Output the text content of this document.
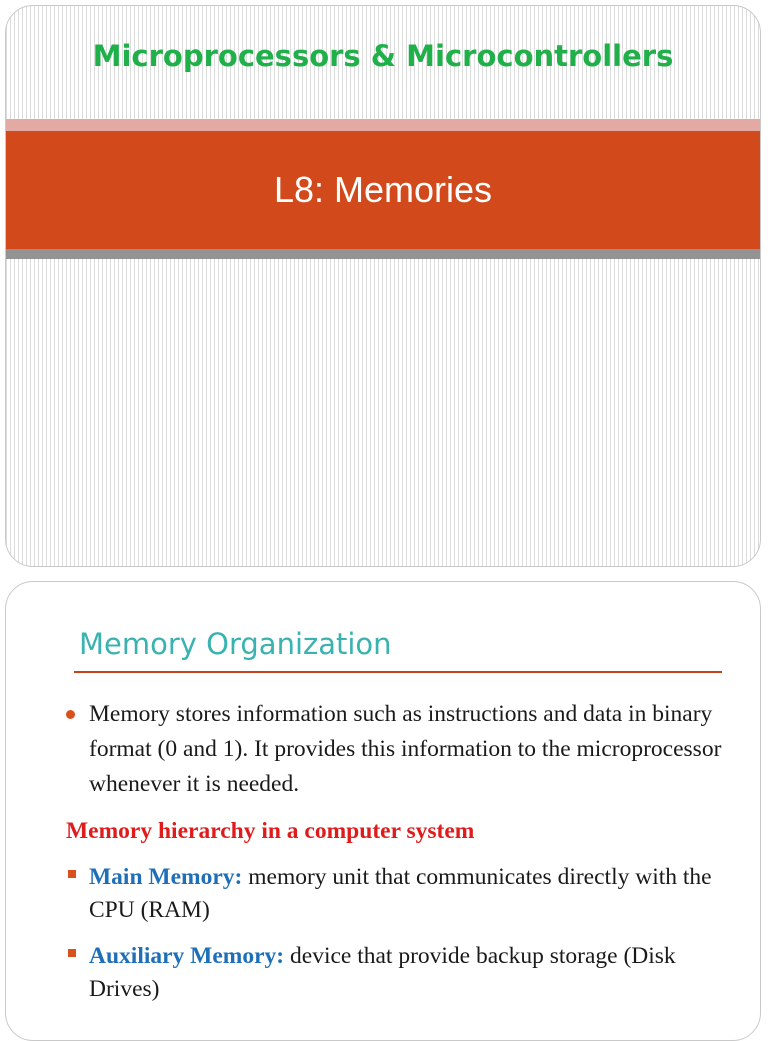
Microprocessors & Microcontrollers
L8: Memories
Memory Organization
Memory stores information such as instructions and data in binary format (0 and 1). It provides this information to the microprocessor whenever it is needed.
Memory hierarchy in a computer system
Main Memory: memory unit that communicates directly with the CPU (RAM)
Auxiliary Memory: device that provide backup storage (Disk Drives)
